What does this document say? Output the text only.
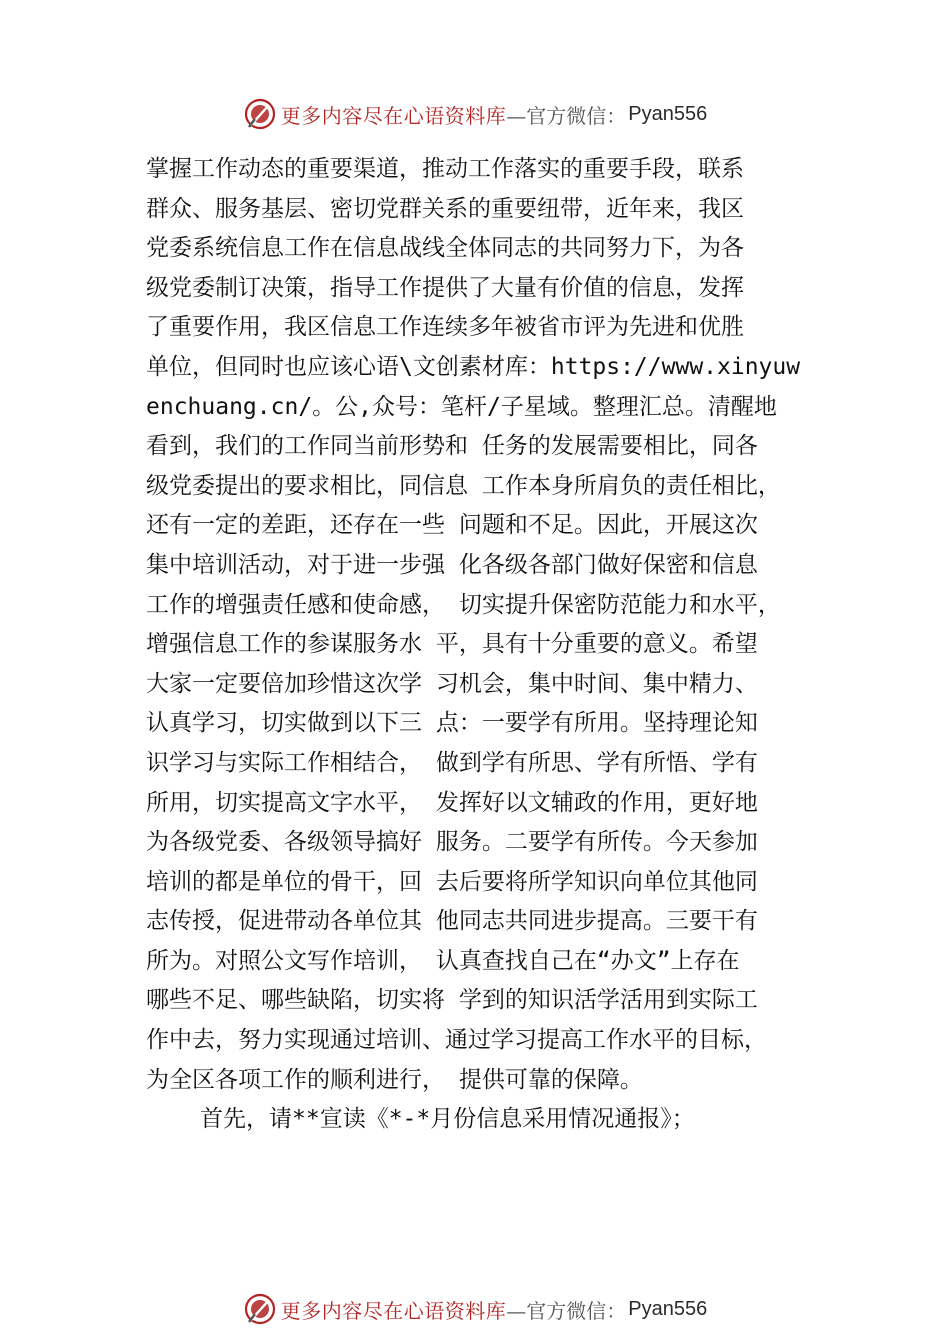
更多内容尽在心语资料库 —官方微信： Pyan556
掌握工作动态的重要渠道，推动工作落实的重要手段，联系
群众、服务基层、密切党群关系的重要纽带，近年来，我区
党委系统信息工作在信息战线全体同志的共同努力下，为各
级党委制订决策，指导工作提供了大量有价值的信息，发挥
了重要作用，我区信息工作连续多年被省市评为先进和优胜
单位，但同时也应该心语\文创素材库：https://www.xinyuw
enchuang.cn/。公,众号：笔杆/子星域。整理汇总。清醒地
看到，我们的工作同当前形势和 任务的发展需要相比，同各
级党委提出的要求相比，同信息 工作本身所肩负的责任相比，
还有一定的差距，还存在一些 问题和不足。因此，开展这次
集中培训活动，对于进一步强 化各级各部门做好保密和信息
工作的增强责任感和使命感， 切实提升保密防范能力和水平，
增强信息工作的参谋服务水 平，具有十分重要的意义。希望
大家一定要倍加珍惜这次学 习机会，集中时间、集中精力、
认真学习，切实做到以下三 点：一要学有所用。坚持理论知
识学习与实际工作相结合， 做到学有所思、学有所悟、学有
所用，切实提高文字水平， 发挥好以文辅政的作用，更好地
为各级党委、各级领导搞好 服务。二要学有所传。今天参加
培训的都是单位的骨干，回 去后要将所学知识向单位其他同
志传授，促进带动各单位其 他同志共同进步提高。三要干有
所为。对照公文写作培训， 认真查找自己在“办文”上存在
哪些不足、哪些缺陷，切实将 学到的知识活学活用到实际工
作中去，努力实现通过培训、通过学习提高工作水平的目标，
为全区各项工作的顺利进行， 提供可靠的保障。
首先，请**宣读《*-*月份信息采用情况通报》；
更多内容尽在心语资料库 —官方微信： Pyan556
